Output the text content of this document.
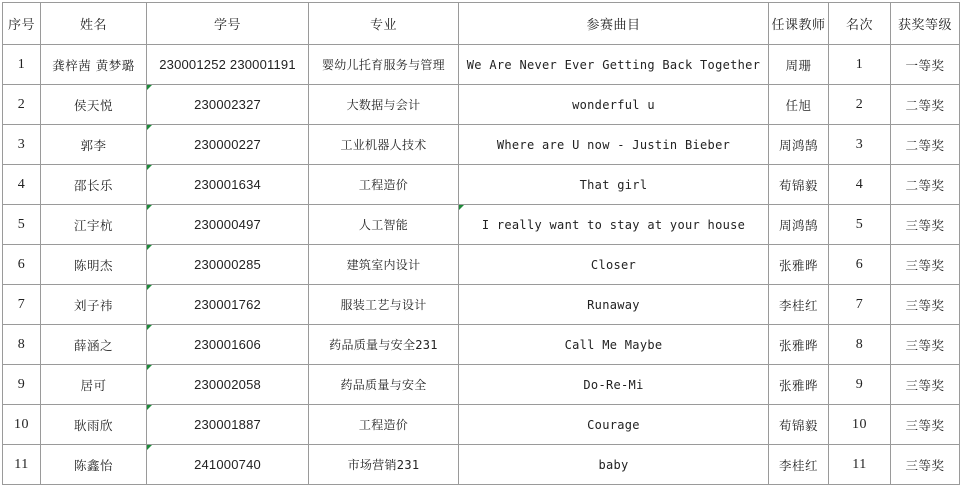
序号	姓名	学号	专业	参赛曲目	任课教师	名次	获奖等级
1	龚梓茜 黄梦璐	230001252 230001191	婴幼儿托育服务与管理	We Are Never Ever Getting Back Together	周珊	1	一等奖
2	侯天悦	230002327	大数据与会计	wonderful u	任旭	2	二等奖
3	郭李	230000227	工业机器人技术	Where are U now - Justin Bieber	周鸿鹄	3	二等奖
4	邵长乐	230001634	工程造价	That girl	荀锦毅	4	二等奖
5	江宇杭	230000497	人工智能	I really want to stay at your house	周鸿鹄	5	三等奖
6	陈明杰	230000285	建筑室内设计	Closer	张雅晔	6	三等奖
7	刘子祎	230001762	服装工艺与设计	Runaway	李桂红	7	三等奖
8	薛涵之	230001606	药品质量与安全231	Call Me Maybe	张雅晔	8	三等奖
9	居可	230002058	药品质量与安全	Do-Re-Mi	张雅晔	9	三等奖
10	耿雨欣	230001887	工程造价	Courage	荀锦毅	10	三等奖
11	陈鑫怡	241000740	市场营销231	baby	李桂红	11	三等奖
